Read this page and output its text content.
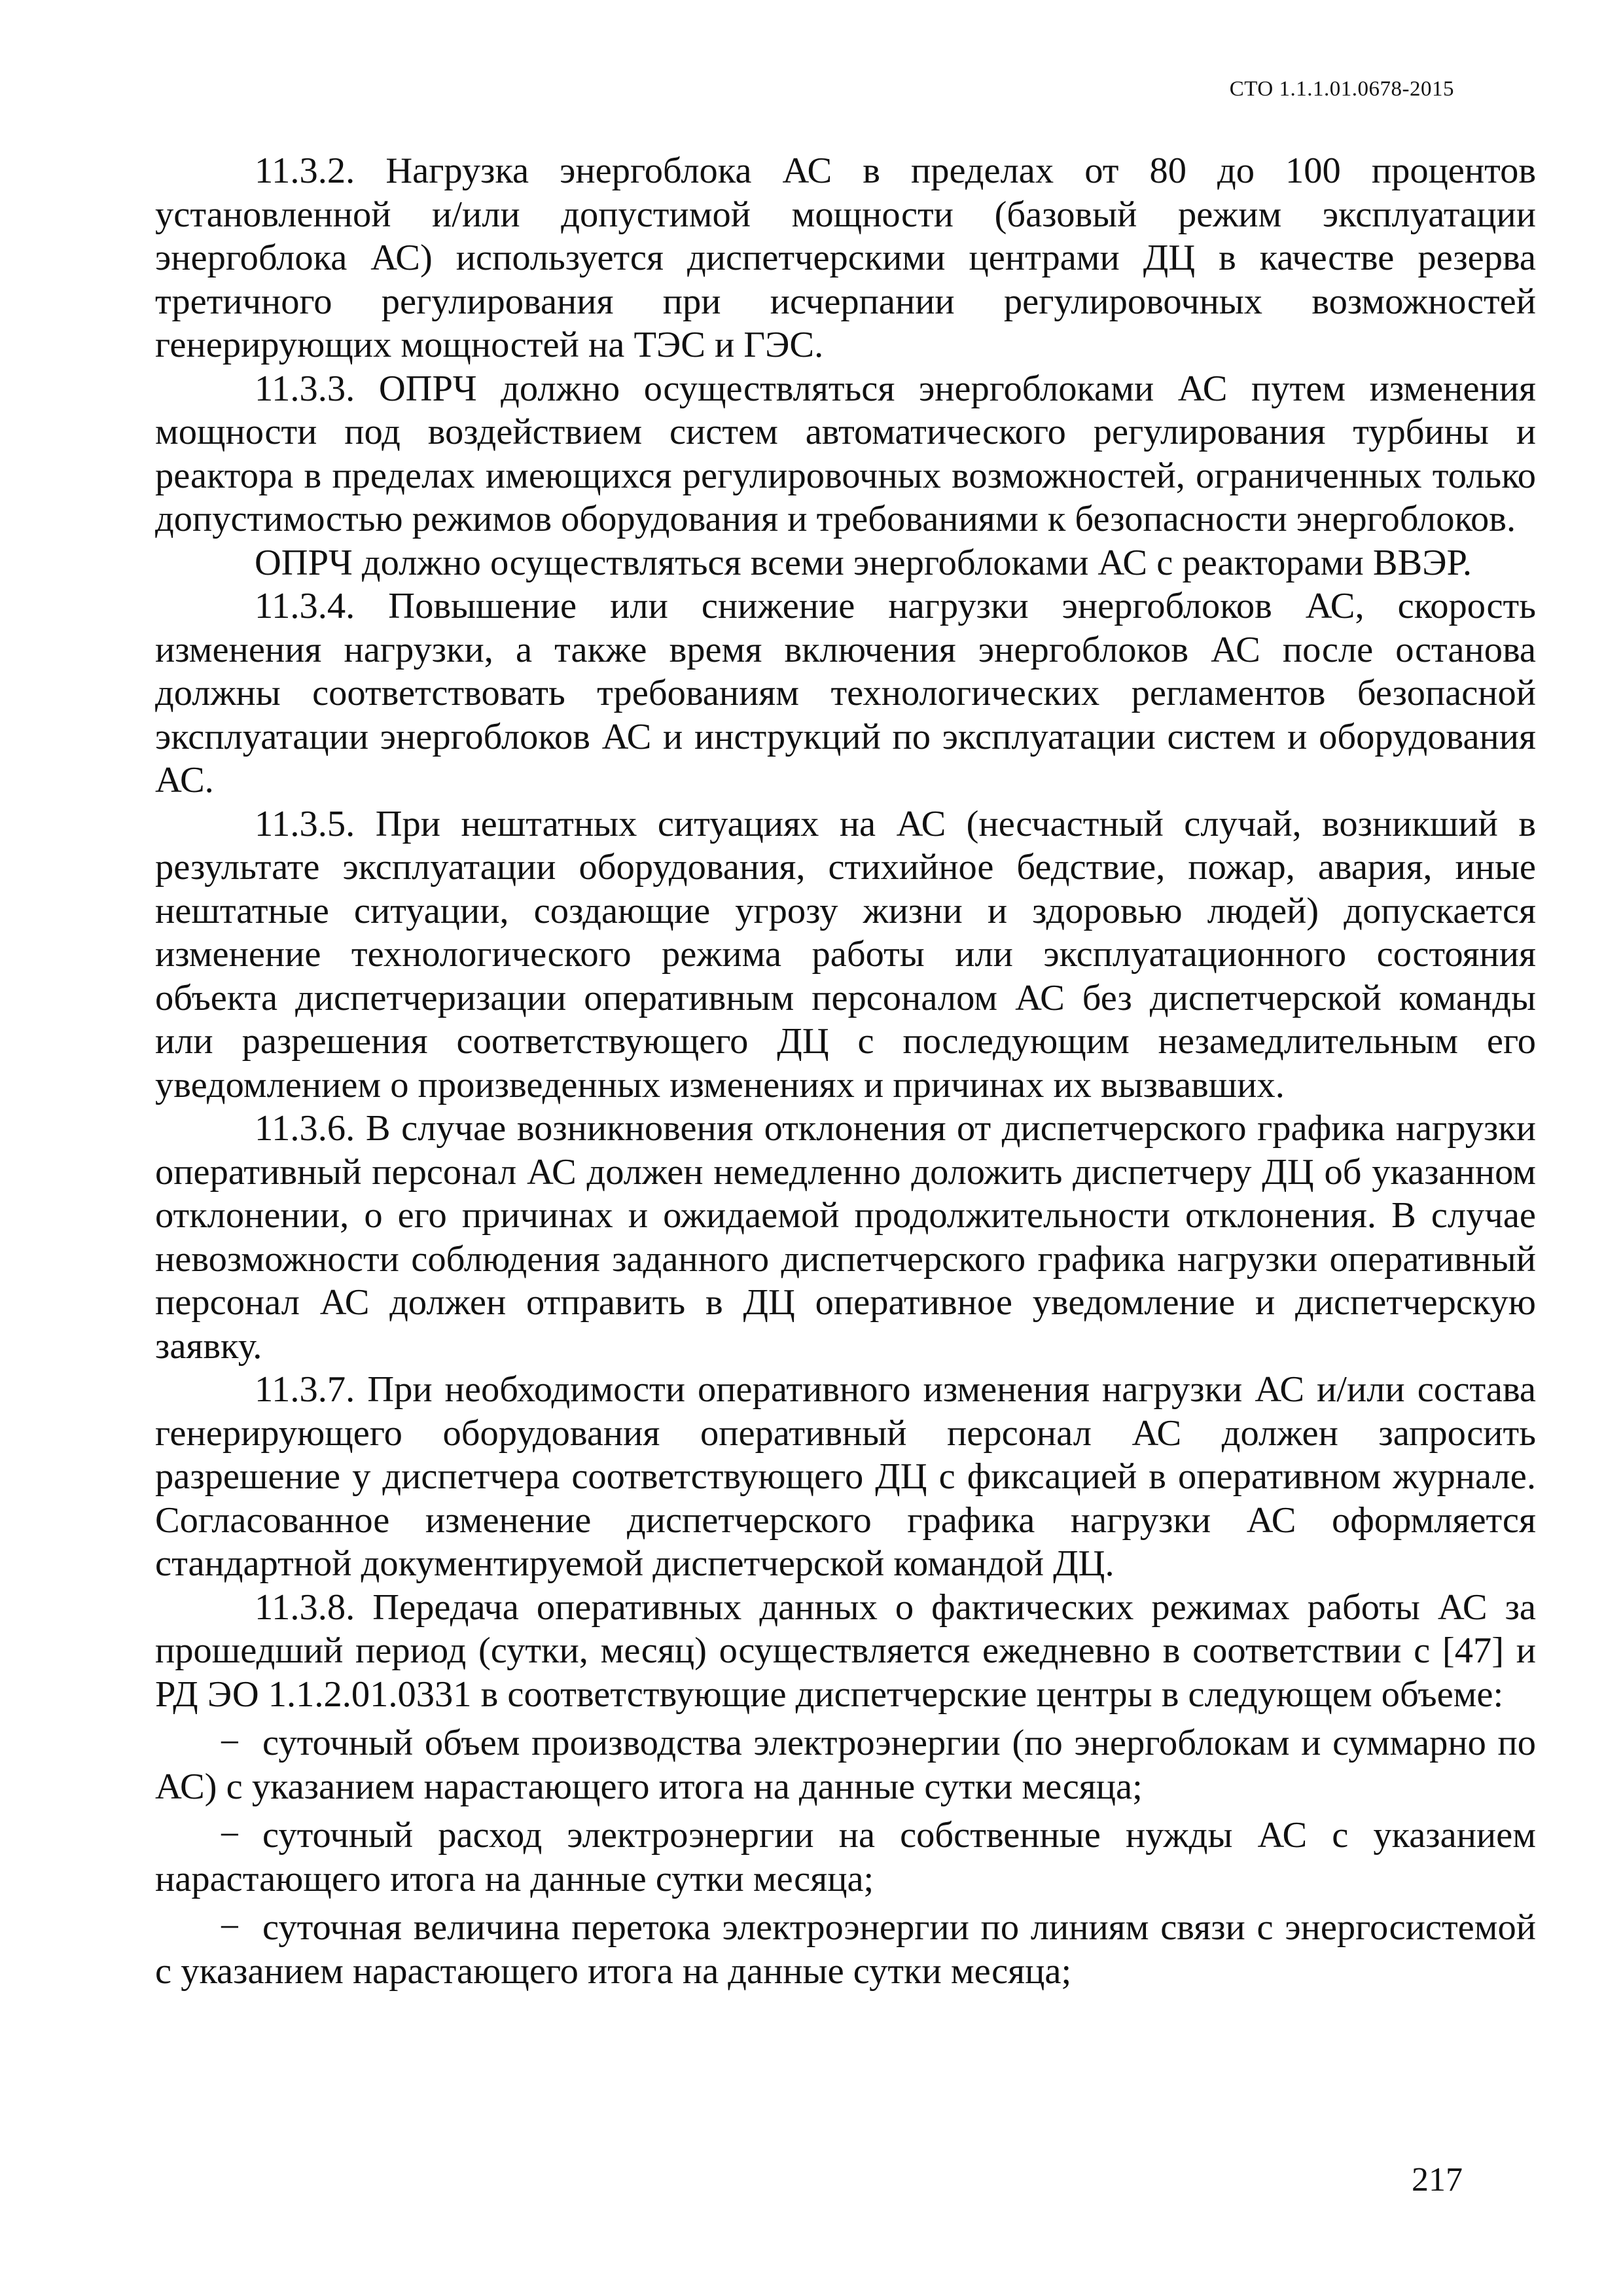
СТО 1.1.1.01.0678-2015

11.3.2. Нагрузка энергоблока АС в пределах от 80 до 100 процентов установленной и/или допустимой мощности (базовый режим эксплуатации энергоблока АС) используется диспетчерскими центрами ДЦ в качестве резерва третичного регулирования при исчерпании регулировочных возможностей генерирующих мощностей на ТЭС и ГЭС.

11.3.3. ОПРЧ должно осуществляться энергоблоками АС путем изменения мощности под воздействием систем автоматического регулирования турбины и реактора в пределах имеющихся регулировочных возможностей, ограниченных только допустимостью режимов оборудования и требованиями к безопасности энергоблоков.

ОПРЧ должно осуществляться всеми энергоблоками АС с реакторами ВВЭР.

11.3.4. Повышение или снижение нагрузки энергоблоков АС, скорость изменения нагрузки, а также время включения энергоблоков АС после останова должны соответствовать требованиям технологических регламентов безопасной эксплуатации энергоблоков АС и инструкций по эксплуатации систем и оборудования АС.

11.3.5. При нештатных ситуациях на АС (несчастный случай, возникший в результате эксплуатации оборудования, стихийное бедствие, пожар, авария, иные нештатные ситуации, создающие угрозу жизни и здоровью людей) допускается изменение технологического режима работы или эксплуатационного состояния объекта диспетчеризации оперативным персоналом АС без диспетчерской команды или разрешения соответствующего ДЦ с последующим незамедлительным его уведомлением о произведенных изменениях и причинах их вызвавших.

11.3.6. В случае возникновения отклонения от диспетчерского графика нагрузки оперативный персонал АС должен немедленно доложить диспетчеру ДЦ об указанном отклонении, о его причинах и ожидаемой продолжительности отклонения. В случае невозможности соблюдения заданного диспетчерского графика нагрузки оперативный персонал АС должен отправить в ДЦ оперативное уведомление и диспетчерскую заявку.

11.3.7. При необходимости оперативного изменения нагрузки АС и/или состава генерирующего оборудования оперативный персонал АС должен запросить разрешение у диспетчера соответствующего ДЦ с фиксацией в оперативном журнале. Согласованное изменение диспетчерского графика нагрузки АС оформляется стандартной документируемой диспетчерской командой ДЦ.

11.3.8. Передача оперативных данных о фактических режимах работы АС за прошедший период (сутки, месяц) осуществляется ежедневно в соответствии с [47] и РД ЭО 1.1.2.01.0331 в соответствующие диспетчерские центры в следующем объеме:

− суточный объем производства электроэнергии (по энергоблокам и суммарно по АС) с указанием нарастающего итога на данные сутки месяца;

− суточный расход электроэнергии на собственные нужды АС с указанием нарастающего итога на данные сутки месяца;

− суточная величина перетока электроэнергии по линиям связи с энергосистемой с указанием нарастающего итога на данные сутки месяца;

217
